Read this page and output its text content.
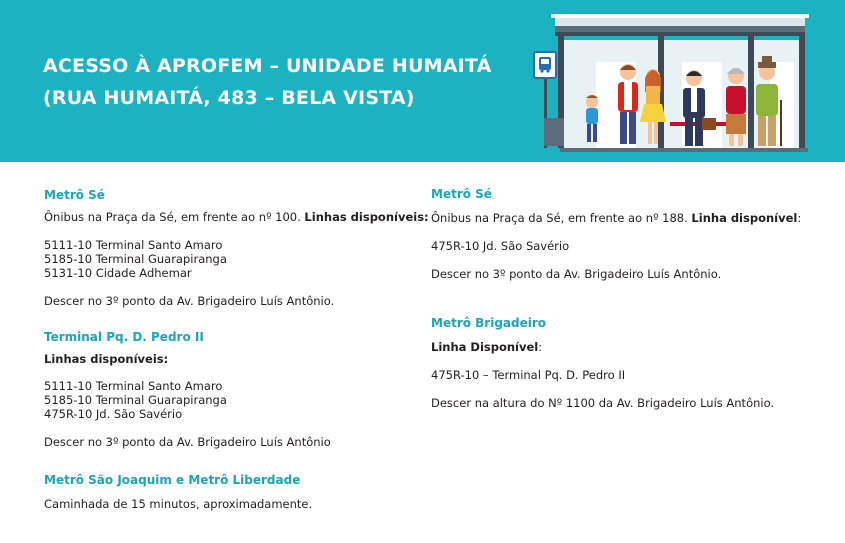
ACESSO À APROFEM – UNIDADE HUMAITÁ
(RUA HUMAITÁ, 483 – BELA VISTA)
Metrô Sé
Ônibus na Praça da Sé, em frente ao nº 100. Linhas disponíveis:
5111-10 Terminal Santo Amaro
5185-10 Terminal Guarapiranga
5131-10 Cidade Adhemar
Descer no 3º ponto da Av. Brigadeiro Luís Antônio.
Terminal Pq. D. Pedro II
Linhas disponíveis:
5111-10 Terminal Santo Amaro
5185-10 Terminal Guarapiranga
475R-10 Jd. São Savério
Descer no 3º ponto da Av. Brigadeiro Luís Antônio
Metrô São Joaquim e Metrô Liberdade
Caminhada de 15 minutos, aproximadamente.
Metrô Sé
Ônibus na Praça da Sé, em frente ao nº 188. Linha disponível:
475R-10 Jd. São Savério
Descer no 3º ponto da Av. Brigadeiro Luís Antônio.
Metrô Brigadeiro
Linha Disponível:
475R-10 – Terminal Pq. D. Pedro II
Descer na altura do Nº 1100 da Av. Brigadeiro Luís Antônio.
